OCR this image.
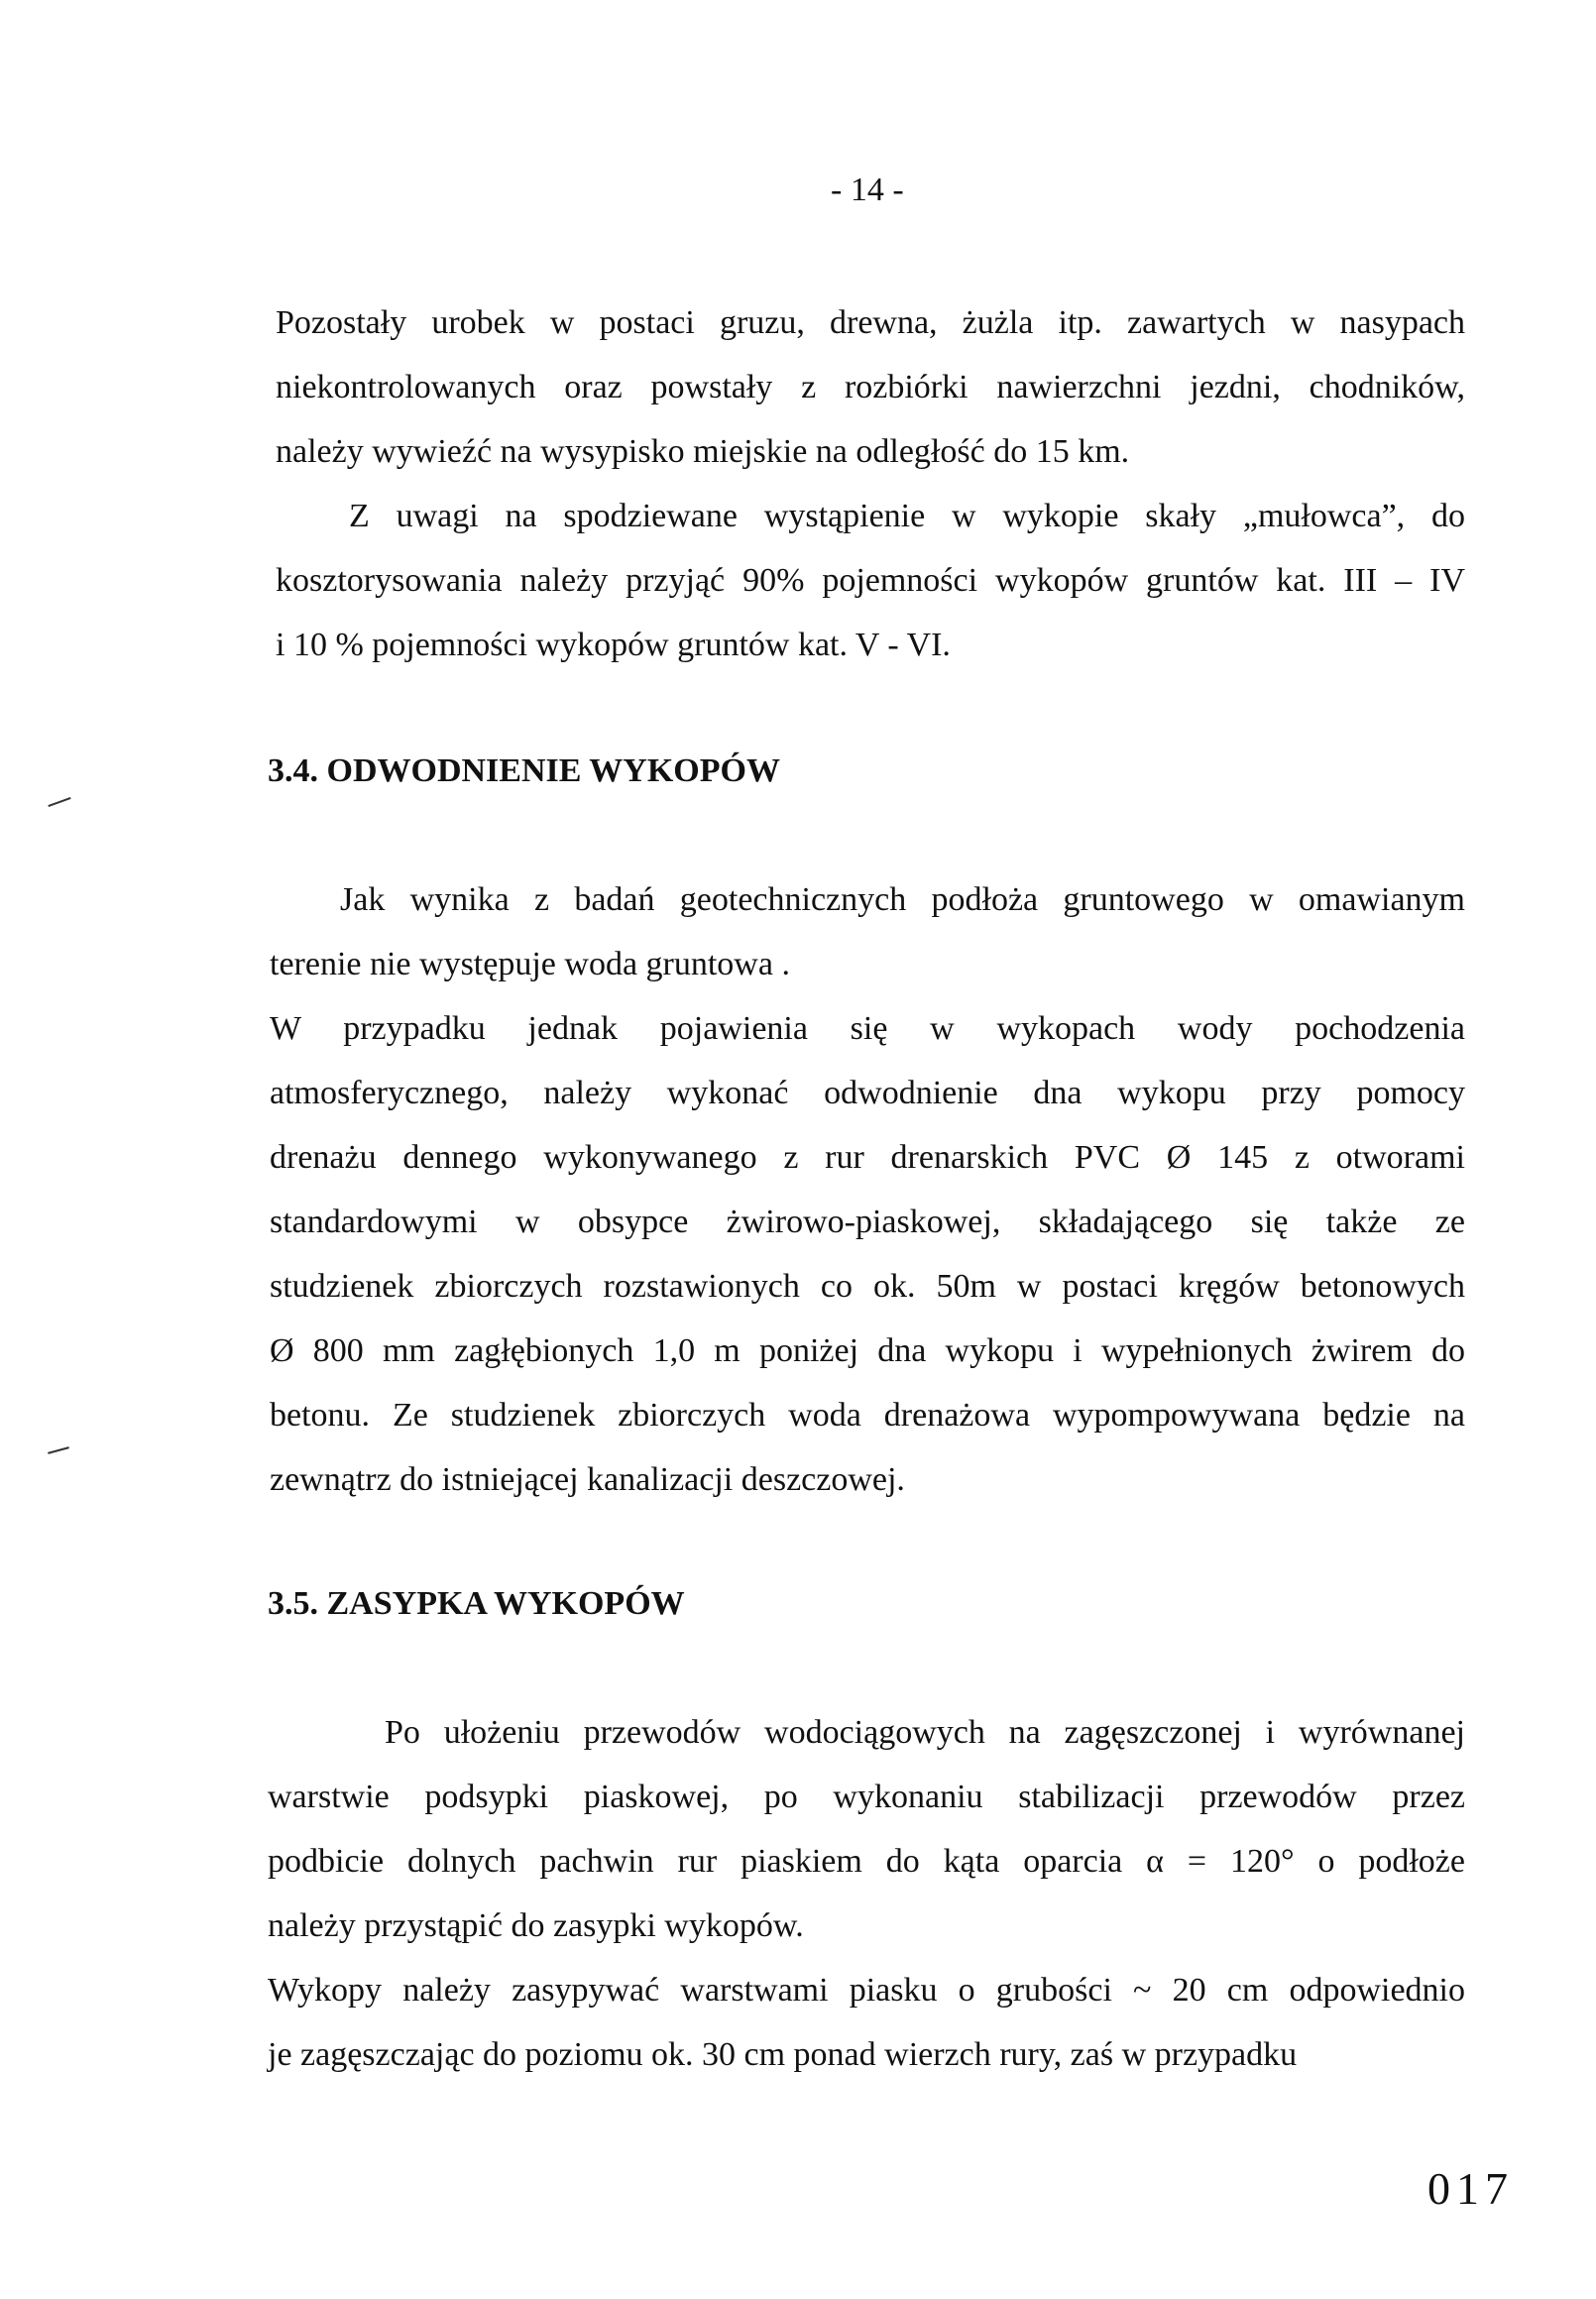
- 14 -
Pozostały urobek w postaci gruzu, drewna, żużla itp. zawartych w nasypach
niekontrolowanych oraz powstały z rozbiórki nawierzchni jezdni, chodników,
należy wywieźć na wysypisko miejskie na odległość do 15 km.
Z uwagi na spodziewane wystąpienie w wykopie skały „mułowca”, do
kosztorysowania należy przyjąć 90% pojemności wykopów gruntów kat. III – IV
i 10 % pojemności wykopów gruntów kat. V - VI.
3.4. ODWODNIENIE WYKOPÓW
Jak wynika z badań geotechnicznych podłoża gruntowego w omawianym
terenie nie występuje woda gruntowa .
W przypadku jednak pojawienia się w wykopach wody pochodzenia
atmosferycznego, należy wykonać odwodnienie dna wykopu przy pomocy
drenażu dennego wykonywanego z rur drenarskich PVC Ø 145 z otworami
standardowymi w obsypce żwirowo-piaskowej, składającego się także ze
studzienek zbiorczych rozstawionych co ok. 50m w postaci kręgów betonowych
Ø 800 mm zagłębionych 1,0 m poniżej dna wykopu i wypełnionych żwirem do
betonu. Ze studzienek zbiorczych woda drenażowa wypompowywana będzie na
zewnątrz do istniejącej kanalizacji deszczowej.
3.5. ZASYPKA WYKOPÓW
Po ułożeniu przewodów wodociągowych na zagęszczonej i wyrównanej
warstwie podsypki piaskowej, po wykonaniu stabilizacji przewodów przez
podbicie dolnych pachwin rur piaskiem do kąta oparcia α = 120° o podłoże
należy przystąpić do zasypki wykopów.
Wykopy należy zasypywać warstwami piasku o grubości ~ 20 cm odpowiednio
je zagęszczając do poziomu ok. 30 cm ponad wierzch rury, zaś w przypadku
017
